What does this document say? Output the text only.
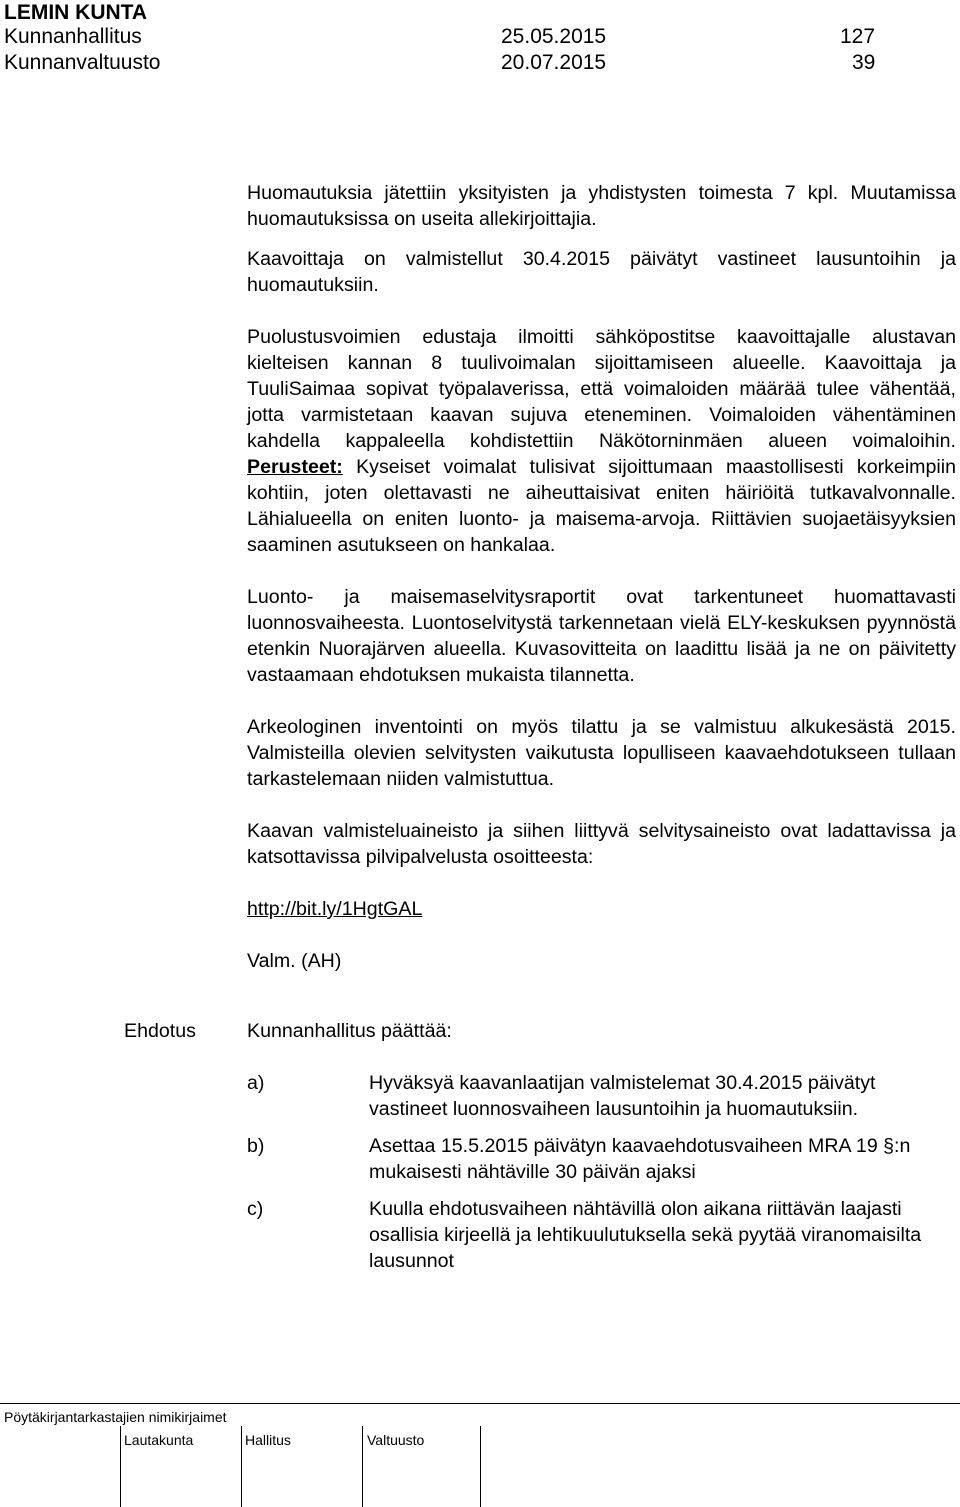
LEMIN KUNTA
Kunnanhallitus	25.05.2015	127
Kunnanvaltuusto	20.07.2015	39

Huomautuksia jätettiin yksityisten ja yhdistysten toimesta 7 kpl. Muutamissa huomautuksissa on useita allekirjoittajia.

Kaavoittaja on valmistellut 30.4.2015 päivätyt vastineet lausuntoihin ja huomautuksiin.

Puolustusvoimien edustaja ilmoitti sähköpostitse kaavoittajalle alustavan kielteisen kannan 8 tuulivoimalan sijoittamiseen alueelle. Kaavoittaja ja TuuliSaimaa sopivat työpalaverissa, että voimaloiden määrää tulee vähentää, jotta varmistetaan kaavan sujuva eteneminen. Voimaloiden vähentäminen kahdella kappaleella kohdistettiin Näkötorninmäen alueen voimaloihin. Perusteet: Kyseiset voimalat tulisivat sijoittumaan maastollisesti korkeimpiin kohtiin, joten olettavasti ne aiheuttaisivat eniten häiriöitä tutkavalvonnalle. Lähialueella on eniten luonto- ja maisema-arvoja. Riittävien suojaetäisyyksien saaminen asutukseen on hankalaa.

Luonto- ja maisemaselvitysraportit ovat tarkentuneet huomattavasti luonnosvaiheesta. Luontoselvitystä tarkennetaan vielä ELY-keskuksen pyynnöstä etenkin Nuorajärven alueella. Kuvasovitteita on laadittu lisää ja ne on päivitetty vastaamaan ehdotuksen mukaista tilannetta.

Arkeologinen inventointi on myös tilattu ja se valmistuu alkukesästä 2015. Valmisteilla olevien selvitysten vaikutusta lopulliseen kaavaehdotukseen tullaan tarkastelemaan niiden valmistuttua.

Kaavan valmisteluaineisto ja siihen liittyvä selvitysaineisto ovat ladattavissa ja katsottavissa pilvipalvelusta osoitteesta:

http://bit.ly/1HgtGAL

Valm. (AH)

Ehdotus	Kunnanhallitus päättää:
a)	Hyväksyä kaavanlaatijan valmistelemat 30.4.2015 päivätyt vastineet luonnosvaiheen lausuntoihin ja huomautuksiin.
b)	Asettaa 15.5.2015 päivätyn kaavaehdotusvaiheen MRA 19 §:n mukaisesti nähtäville 30 päivän ajaksi
c)	Kuulla ehdotusvaiheen nähtävillä olon aikana riittävän laajasti osallisia kirjeellä ja lehtikuulutuksella sekä pyytää viranomaisilta lausunnot
Pöytäkirjantarkastajien nimikirjaimet
Lautakunta	Hallitus	Valtuusto
